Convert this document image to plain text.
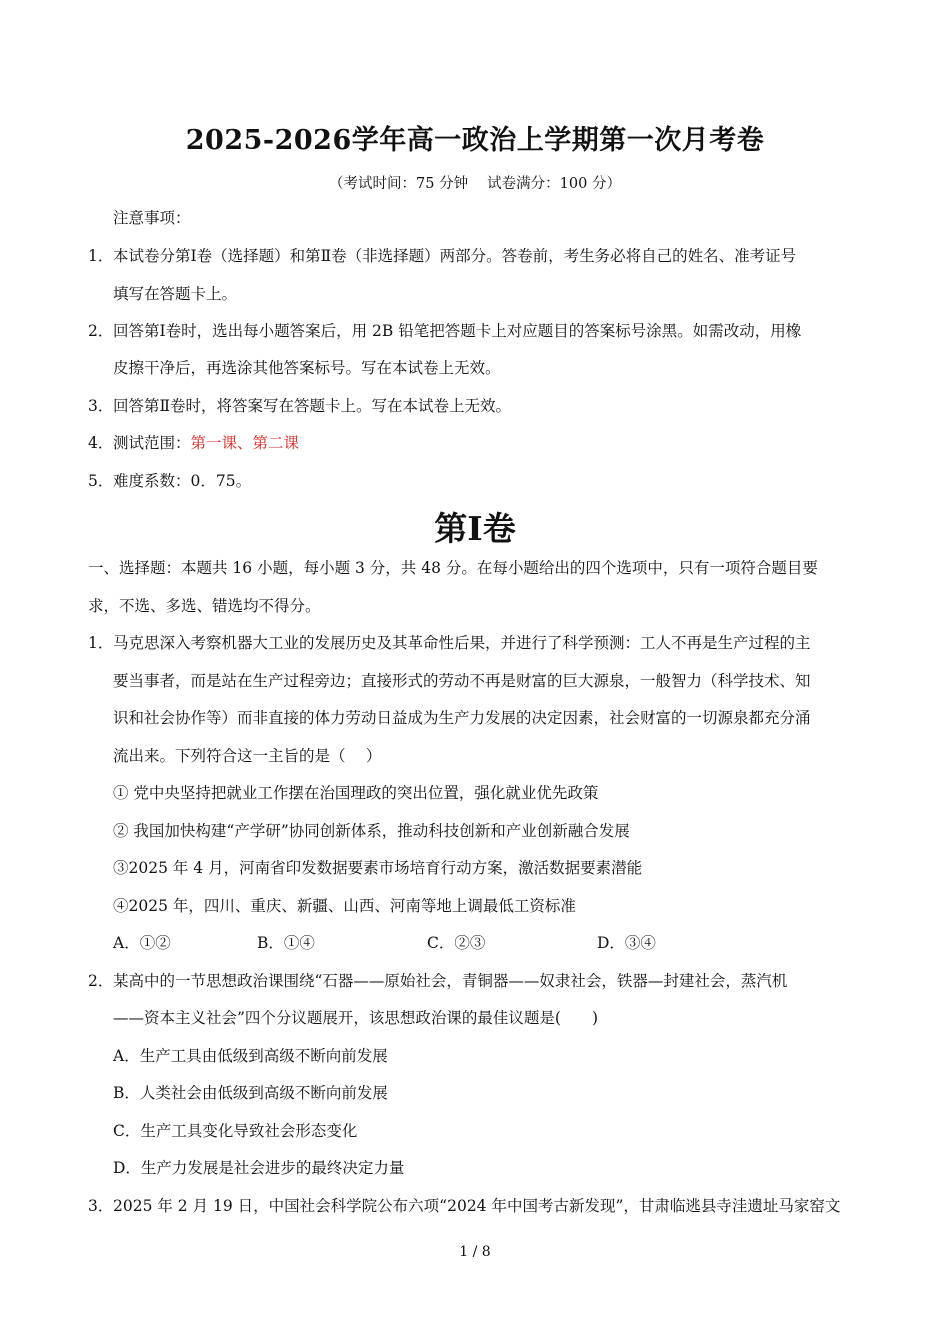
2025-2026学年高一政治上学期第一次月考卷

（考试时间：75 分钟　 试卷满分：100 分）

注意事项：

1． 本试卷分第Ⅰ卷（选择题）和第Ⅱ卷（非选择题）两部分。答卷前，考生务必将自己的姓名、准考证号

填写在答题卡上。

2． 回答第Ⅰ卷时，选出每小题答案后，用 2B 铅笔把答题卡上对应题目的答案标号涂黑。如需改动，用橡

皮擦干净后，再选涂其他答案标号。写在本试卷上无效。

3． 回答第Ⅱ卷时，将答案写在答题卡上。写在本试卷上无效。

4． 测试范围：第一课、第二课

5． 难度系数：0．75。

第Ⅰ卷

一、选择题：本题共 16 小题，每小题 3 分，共 48 分。在每小题给出的四个选项中，只有一项符合题目要

求，不选、多选、错选均不得分。

1． 马克思深入考察机器大工业的发展历史及其革命性后果，并进行了科学预测：工人不再是生产过程的主

要当事者，而是站在生产过程旁边；直接形式的劳动不再是财富的巨大源泉，一般智力（科学技术、知

识和社会协作等）而非直接的体力劳动日益成为生产力发展的决定因素，社会财富的一切源泉都充分涌

流出来。下列符合这一主旨的是（　 ）

① 党中央坚持把就业工作摆在治国理政的突出位置，强化就业优先政策

② 我国加快构建“产学研”协同创新体系，推动科技创新和产业创新融合发展

③2025 年 4 月，河南省印发数据要素市场培育行动方案，激活数据要素潜能

④2025 年，四川、重庆、新疆、山西、河南等地上调最低工资标准

A．①②	B．①④	C．②③	D．③④

2． 某高中的一节思想政治课围绕“石器——原始社会，青铜器——奴隶社会，铁器—封建社会，蒸汽机

——资本主义社会”四个分议题展开，该思想政治课的最佳议题是(　　)

A．生产工具由低级到高级不断向前发展

B．人类社会由低级到高级不断向前发展

C．生产工具变化导致社会形态变化

D．生产力发展是社会进步的最终决定力量

3． 2025 年 2 月 19 日，中国社会科学院公布六项“2024 年中国考古新发现”，甘肃临逃县寺洼遗址马家窑文

1 / 8
